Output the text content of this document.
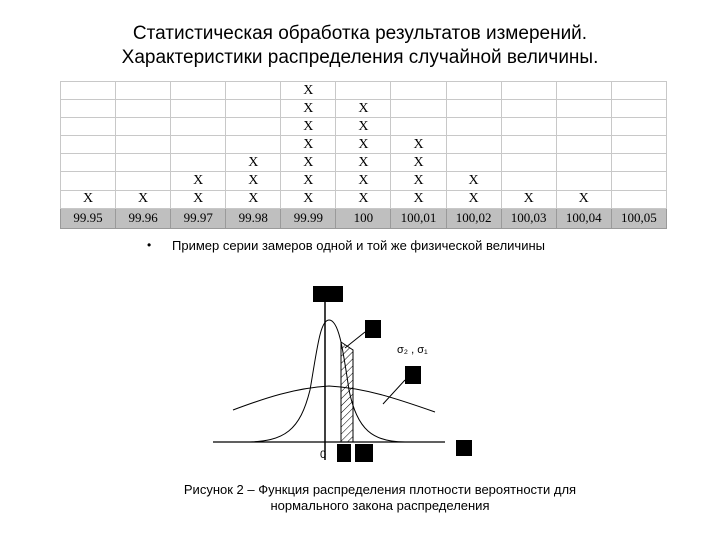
Статистическая обработка результатов измерений.
Характеристики распределения случайной величины.
				X						
				X	X					
				X	X					
				X	X	X				
			X	X	X	X				
		X	X	X	X	X	X			
X	X	X	X	X	X	X	X	X	X	
99.95	99.96	99.97	99.98	99.99	100	100,01	100,02	100,03	100,04	100,05
• Пример серии замеров одной и той же физической величины
σ₂ , σ₁
0
Рисунок 2 – Функция распределения плотности вероятности для
нормального закона распределения
